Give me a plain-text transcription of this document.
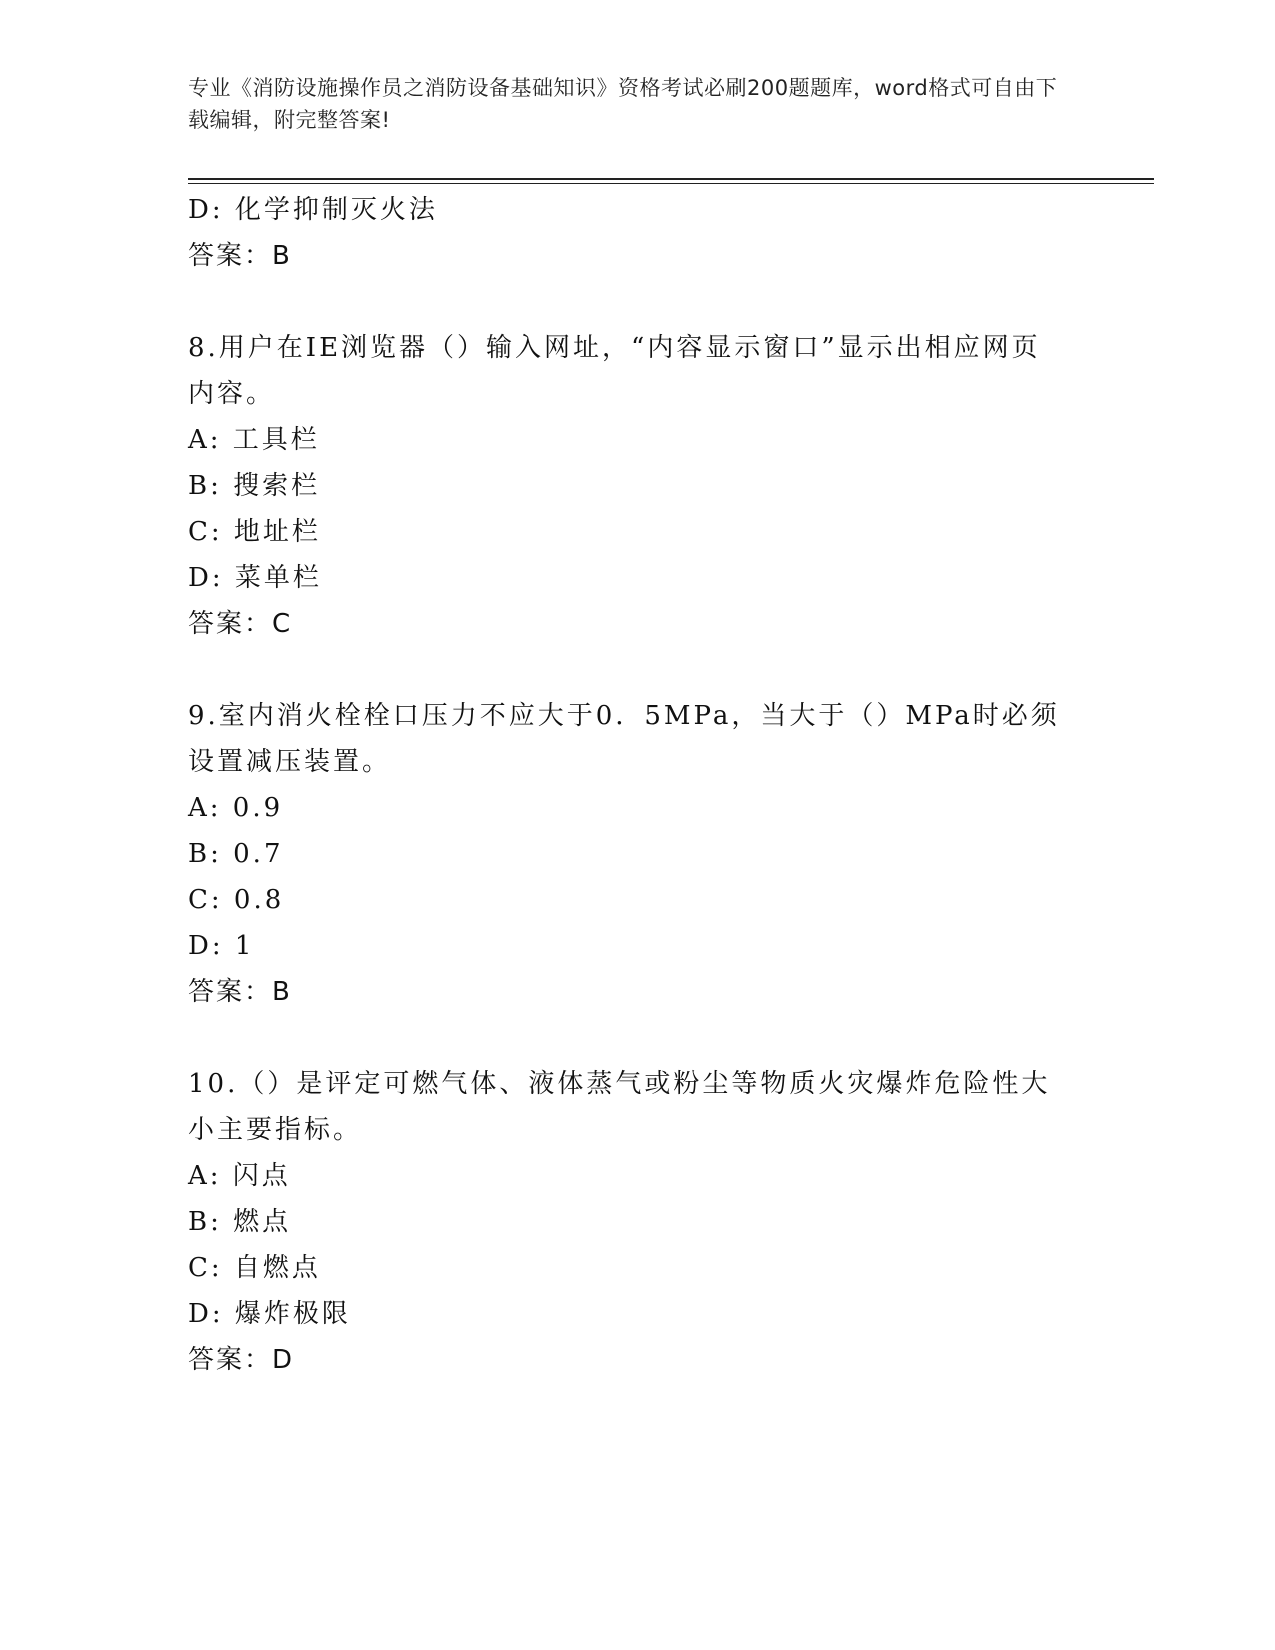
专业《消防设施操作员之消防设备基础知识》资格考试必刷200题题库，word格式可自由下载编辑，附完整答案!
D: 化学抑制灭火法
答案：B
8.用户在IE浏览器（）输入网址，“内容显示窗口”显示出相应网页内容。
A: 工具栏
B: 搜索栏
C: 地址栏
D: 菜单栏
答案：C
9.室内消火栓栓口压力不应大于0．5MPa，当大于（）MPa时必须设置减压装置。
A: 0.9
B: 0.7
C: 0.8
D: 1
答案：B
10.（）是评定可燃气体、液体蒸气或粉尘等物质火灾爆炸危险性大小主要指标。
A: 闪点
B: 燃点
C: 自燃点
D: 爆炸极限
答案：D
